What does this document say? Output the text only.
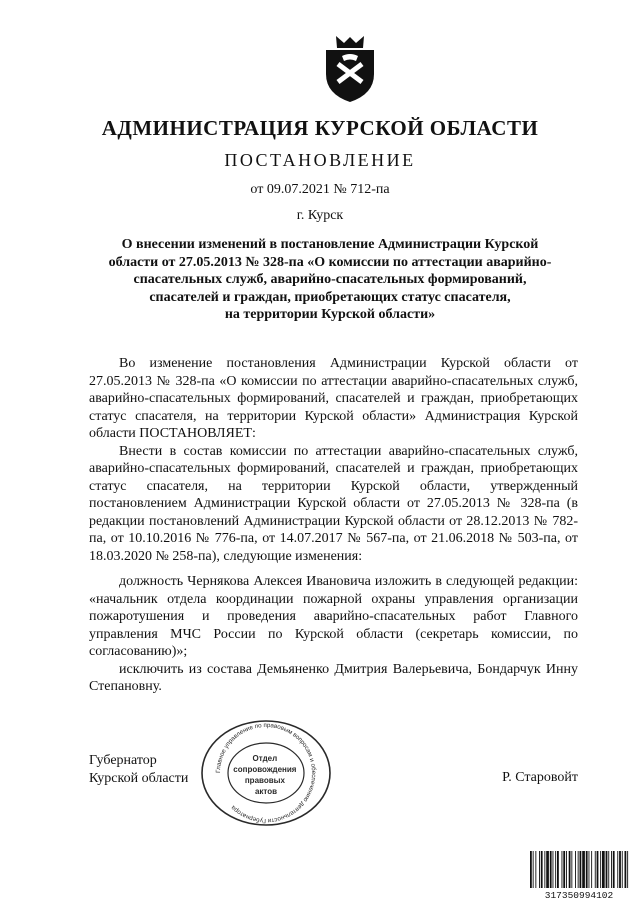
АДМИНИСТРАЦИЯ КУРСКОЙ ОБЛАСТИ
ПОСТАНОВЛЕНИЕ
от 09.07.2021 № 712-па
г. Курск
О внесении изменений в постановление Администрации Курской
области от 27.05.2013 № 328-па «О комиссии по аттестации аварийно-
спасательных служб, аварийно-спасательных формирований,
спасателей и граждан, приобретающих статус спасателя,
на территории Курской области»

Во изменение постановления Администрации Курской области от 27.05.2013 № 328-па «О комиссии по аттестации аварийно-спасательных служб, аварийно-спасательных формирований, спасателей и граждан, приобретающих статус спасателя, на территории Курской области» Администрация Курской области ПОСТАНОВЛЯЕТ:

Внести в состав комиссии по аттестации аварийно-спасательных служб, аварийно-спасательных формирований, спасателей и граждан, приобретающих статус спасателя, на территории Курской области, утвержденный постановлением Администрации Курской области от 27.05.2013 № 328-па (в редакции постановлений Администрации Курской области от 28.12.2013 № 782-па, от 10.10.2016 № 776-па, от 14.07.2017 № 567-па, от 21.06.2018 № 503-па, от 18.03.2020 № 258-па), следующие изменения:

должность Чернякова Алексея Ивановича изложить в следующей редакции: «начальник отдела координации пожарной охраны управления организации пожаротушения и проведения аварийно-спасательных работ Главного управления МЧС России по Курской области (секретарь комиссии, по согласованию)»;

исключить из состава Демьяненко Дмитрия Валерьевича, Бондарчук Инну Степановну.

Губернатор
Курской области	Р. Старовойт
Главное управление по правовым вопросам и обеспечению деятельности Губернатора
Отдел сопровождения правовых актов
317350994102
